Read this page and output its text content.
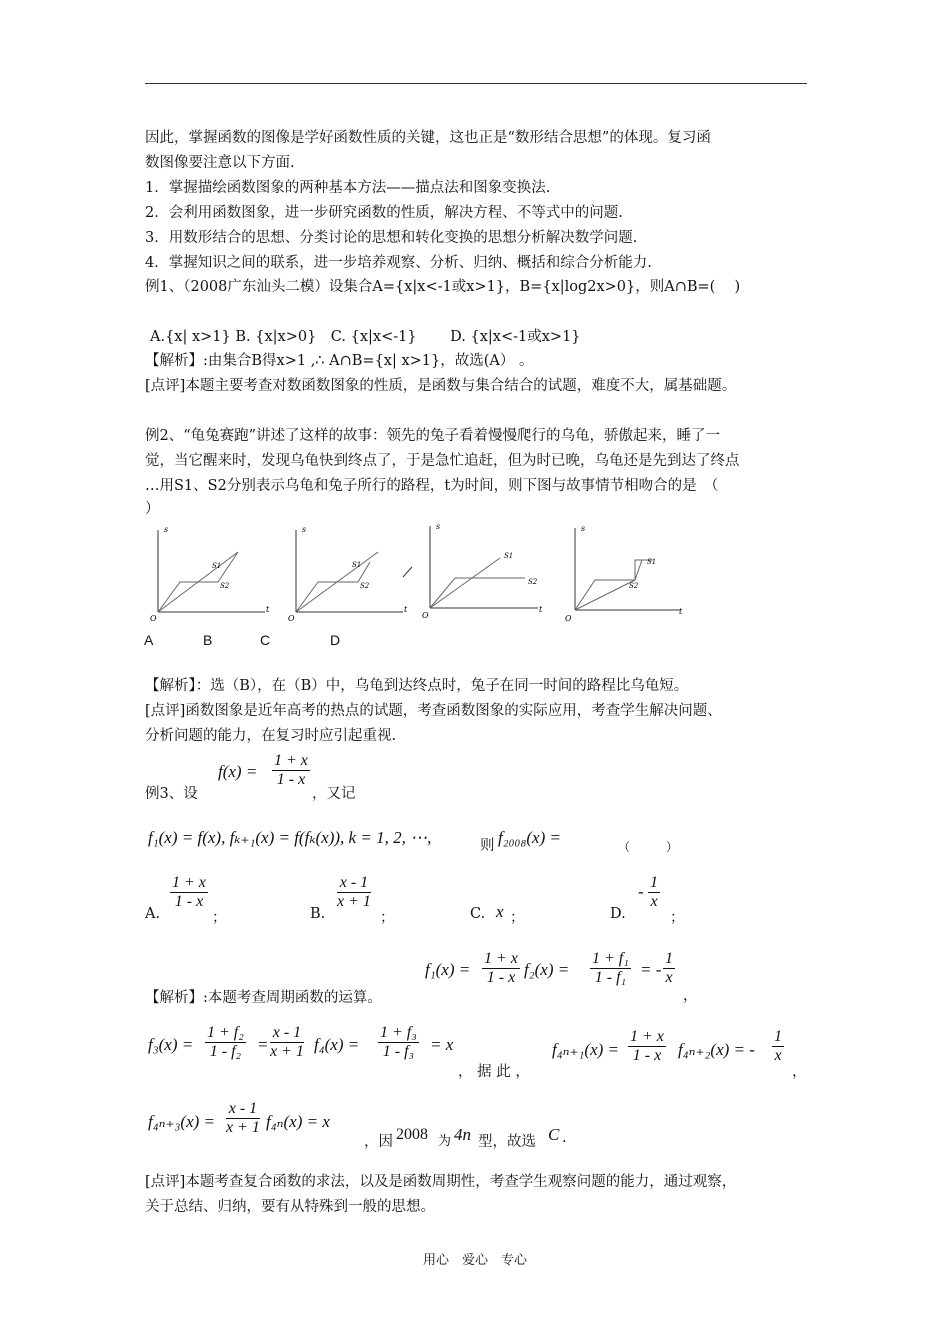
因此，掌握函数的图像是学好函数性质的关键，这也正是“数形结合思想”的体现。复习函
数图像要注意以下方面.
1．掌握描绘函数图象的两种基本方法——描点法和图象变换法.
2．会利用函数图象，进一步研究函数的性质，解决方程、不等式中的问题.
3．用数形结合的思想、分类讨论的思想和转化变换的思想分析解决数学问题.
4．掌握知识之间的联系，进一步培养观察、分析、归纳、概括和综合分析能力.
例1、（2008广东汕头二模）设集合A={x|x<-1或x>1}，B={x|log2x>0}，则A∩B=(　 )
A.{x| x>1} B. {x|x>0}　C. {x|x<-1}　　 D. {x|x<-1或x>1}
【解析】:由集合B得x>1 ,∴ A∩B={x| x>1}，故选(A） 。
[点评]本题主要考查对数函数图象的性质，是函数与集合结合的试题，难度不大，属基础题。
例2、“龟兔赛跑”讲述了这样的故事：领先的兔子看着慢慢爬行的乌龟，骄傲起来，睡了一
觉，当它醒来时，发现乌龟快到终点了，于是急忙追赶，但为时已晚，乌龟还是先到达了终点
…用S1、S2分别表示乌龟和兔子所行的路程，t为时间，则下图与故事情节相吻合的是　（
）
s
t
O
S1
S2
s
t
O
S1
S2
s
t
O
S1
S2
s
t
O
S1
S2
A	B	C	D
【解析】：选（B），在（B）中，乌龟到达终点时，兔子在同一时间的路程比乌龟短。
[点评]函数图象是近年高考的热点的试题，考查函数图象的实际应用，考查学生解决问题、
分析问题的能力，在复习时应引起重视.
例3、设
$f(x) = \frac{1 + x}{1 - x}$
，又记
f₁(x) = f(x), fₖ₊₁(x) = f(fₖ(x)), k = 1, 2, ⋯,	则 f₂₀₀₈(x) =	（　　　）
A.
$\frac{1 + x}{1 - x}$
；	B.
$\frac{x - 1}{x + 1}$
；	C. x ；	D.
- $\frac{1}{x}$
；
【解析】:本题考查周期函数的运算。
$f_1(x) = \frac{1 + x}{1 - x} f_2(x) = \frac{\text{1 + f₁}}{\text{1 - f₁}}$ = - $\frac{1}{x}$
，
$f_3(x) = \frac{\text{1 + f₂}}{\text{1 - f₂}} = \frac{x - 1}{x + 1} f_4(x) = \frac{\text{1 + f₃}}{\text{1 - f₃}} = x$
， 据 此 ，
$f_{4n+1}(x) = \frac{1 + x}{1 - x} f_{4n+2}(x)$ = - $\frac{1}{x}$
，
$f_{4n+3}(x) = \frac{x - 1}{x + 1} f_{4n}(x) = x$
，因 2008 为 4n 型，故选 C .
[点评]本题考查复合函数的求法，以及是函数周期性，考查学生观察问题的能力，通过观察，
关于总结、归纳，要有从特殊到一般的思想。
用心　爱心　专心
